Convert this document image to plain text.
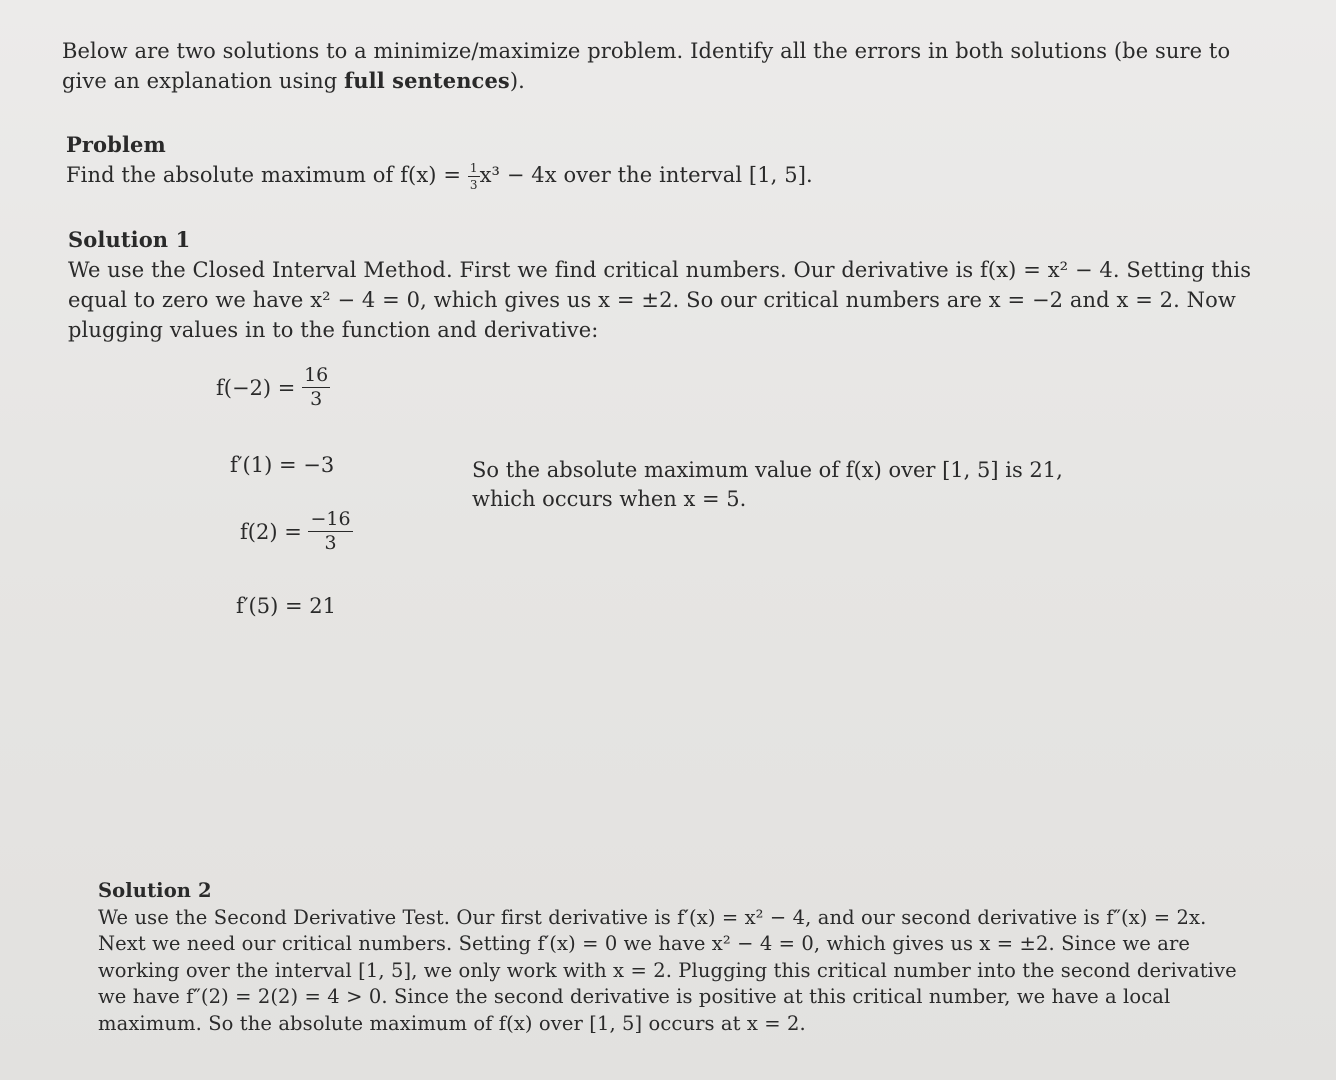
Below are two solutions to a minimize/maximize problem. Identify all the errors in both solutions (be sure to give an explanation using full sentences).
Problem
Find the absolute maximum of $f(x) = \frac{1}{3} x^3 - 4x$ over the interval [1, 5].
Solution 1
We use the Closed Interval Method. First we find critical numbers. Our derivative is f(x) = x² − 4. Setting this equal to zero we have x² − 4 = 0, which gives us x = ±2. So our critical numbers are x = −2 and x = 2. Now plugging values in to the function and derivative:
$f(-2) = \frac{16}{3}$
f′(1) = −3
$f(2) = \frac{-16}{3}$
f′(5) = 21
So the absolute maximum value of f(x) over [1, 5] is 21, which occurs when x = 5.
Solution 2
We use the Second Derivative Test. Our first derivative is f′(x) = x² − 4, and our second derivative is f″(x) = 2x. Next we need our critical numbers. Setting f′(x) = 0 we have x² − 4 = 0, which gives us x = ±2. Since we are working over the interval [1, 5], we only work with x = 2. Plugging this critical number into the second derivative we have f″(2) = 2(2) = 4 > 0. Since the second derivative is positive at this critical number, we have a local maximum. So the absolute maximum of f(x) over [1, 5] occurs at x = 2.
